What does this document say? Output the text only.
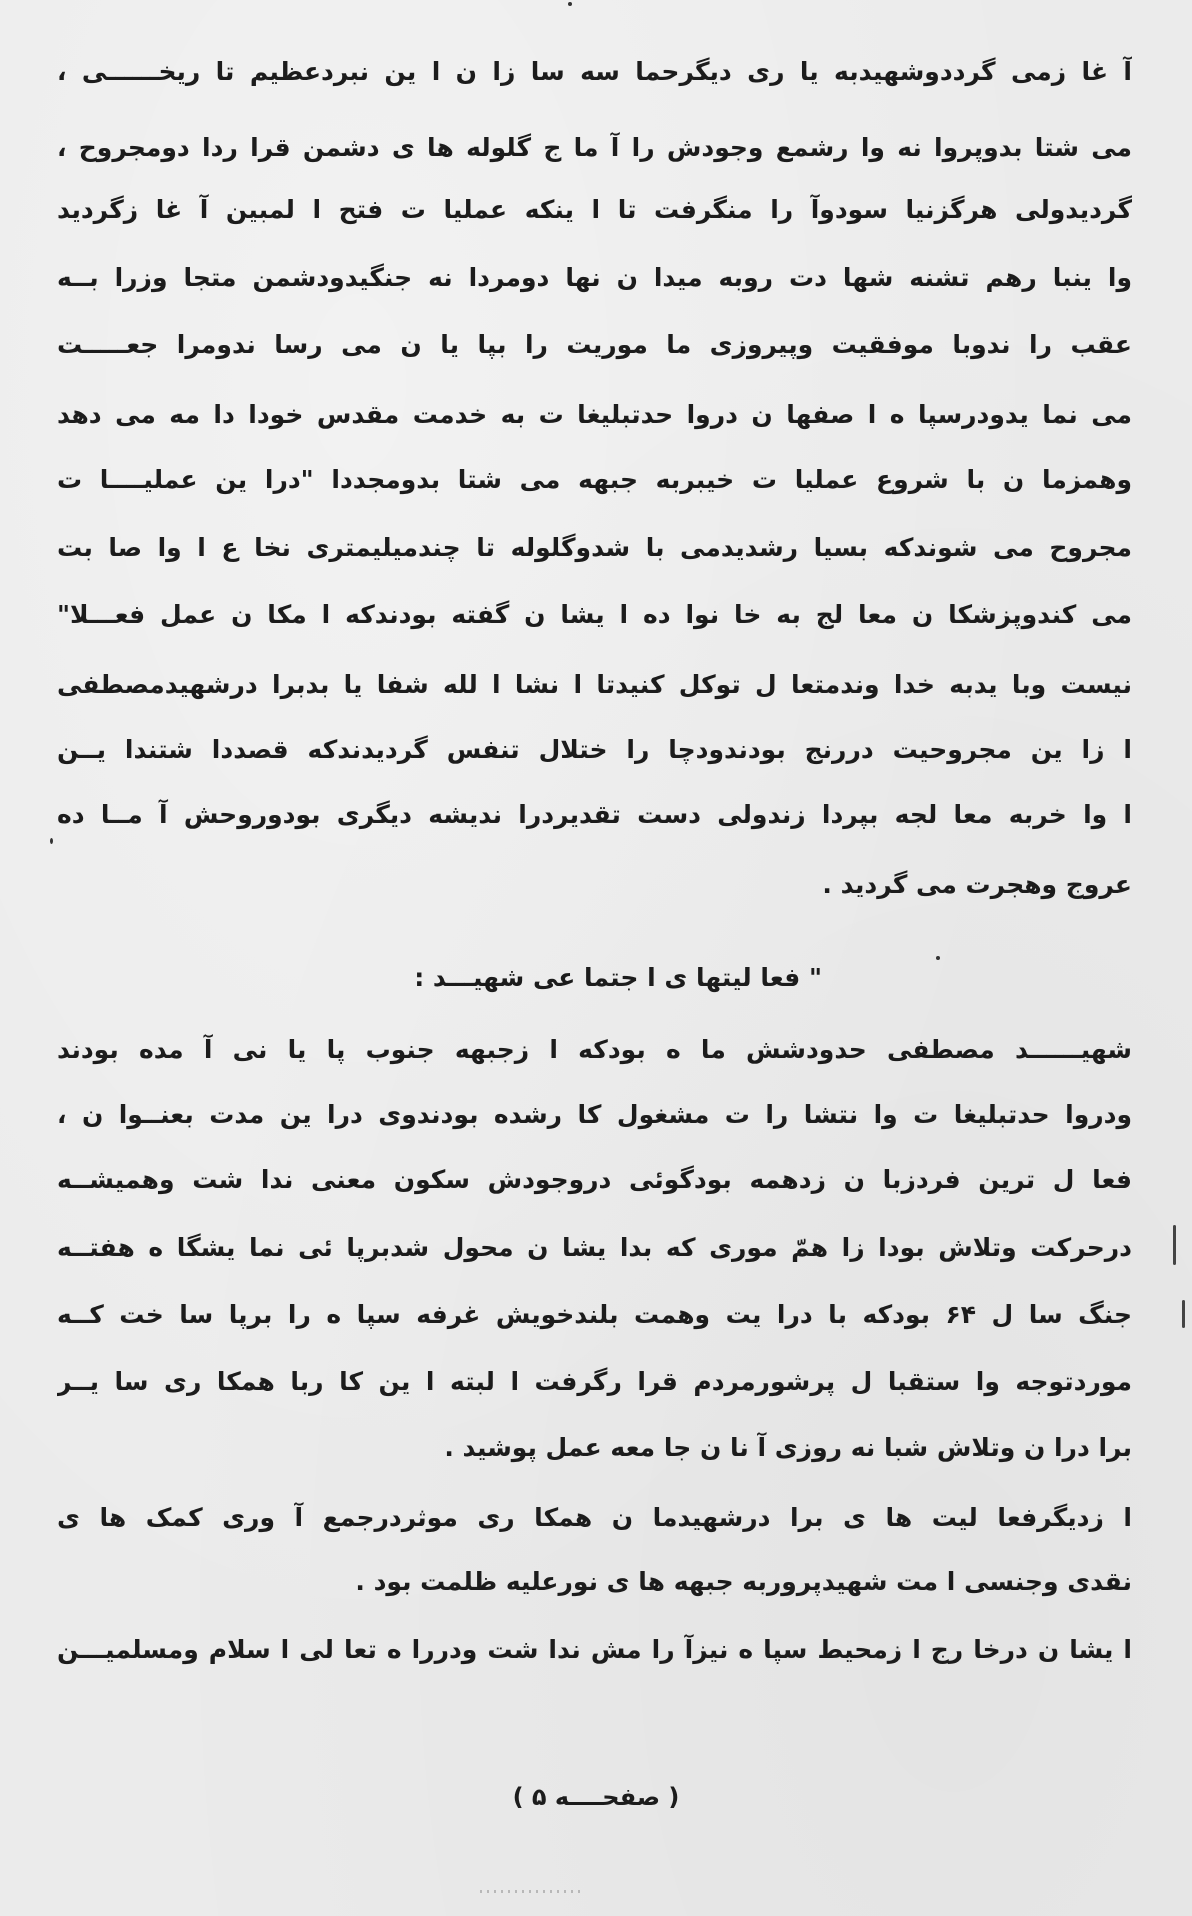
آ غا زمی گرددوشهیدبه یا ری دیگرحما سه سا زا ن ا ین نبردعظیم تا ریخــــــی ،
می شتا بدوپروا نه وا رشمع وجودش را آ ما ج گلوله ها ی دشمن قرا ردا دومجروح ،
گردیدولی هرگزنیا سودوآ را منگرفت تا ا ینکه عملیا ت فتح ا لمبین آ غا زگردید
وا ینبا رهم تشنه شها دت روبه میدا ن نها دومردا نه جنگیدودشمن متجا وزرا بــه
عقب را ندوبا موفقیت وپیروزی ما موریت را بپا یا ن می رسا ندومرا جعـــــت
می نما یدودرسپا ه ا صفها ن دروا حدتبلیغا ت به خدمت مقدس خودا دا مه می دهد
وهمزما ن با شروع عملیا ت خیبربه جبهه می شتا بدومجددا "درا ین عملیــــا ت
مجروح می شوندکه بسیا رشدیدمی با شدوگلوله تا چندمیلیمتری نخا ع ا وا صا بت
می کندوپزشکا ن معا لج به خا نوا ده ا یشا ن گفته بودندکه ا مکا ن عمل فعـــلا"
نیست وبا یدبه خدا وندمتعا ل توکل کنیدتا ا نشا ا لله شفا یا بدبرا درشهیدمصطفی
ا زا ین مجروحیت دررنج بودندودچا را ختلال تنفس گردیدندکه قصددا شتندا یــن
ا وا خربه معا لجه بپردا زندولی دست تقدیردرا ندیشه دیگری بودوروحش آ مــا ده
عروج وهجرت می گردید .
" فعا لیتها ی ا جتما عی شهیـــد :
شهیــــــد مصطفی حدودشش ما ه بودکه ا زجبهه جنوب پا یا نی آ مده بودند
ودروا حدتبلیغا ت وا نتشا را ت مشغول کا رشده بودندوی درا ین مدت بعنــوا ن ،
فعا ل ترین فردزبا ن زدهمه بودگوئی دروجودش سکون معنی ندا شت وهمیشــه
درحرکت وتلاش بودا زا همّ موری که بدا یشا ن محول شدبرپا ئی نما یشگا ه هفتــه
جنگ سا ل ۶۴ بودکه با درا یت وهمت بلندخویش غرفه سپا ه را برپا سا خت کــه
موردتوجه وا ستقبا ل پرشورمردم قرا رگرفت ا لبته ا ین کا ربا همکا ری سا یــر
برا درا ن وتلاش شبا نه روزی آ نا ن جا معه عمل پوشید .
ا زدیگرفعا لیت ها ی برا درشهیدما ن همکا ری موثردرجمع آ وری کمک ها ی
نقدی وجنسی ا مت شهیدپروربه جبهه ها ی نورعلیه ظلمت بود .
ا یشا ن درخا رج ا زمحیط سپا ه نیزآ را مش ندا شت ودررا ه تعا لی ا سلام ومسلمیـــن
( صفحــــه ۵ )
